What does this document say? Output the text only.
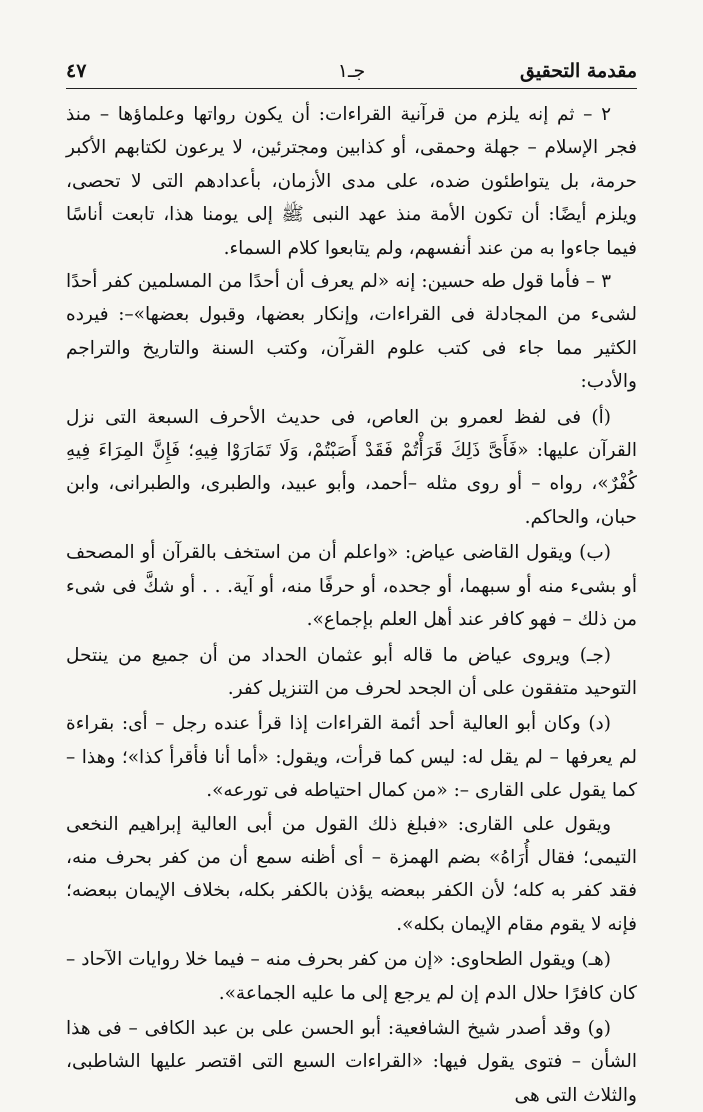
مقدمة التحقيق
جـ١
٤٧

٢ – ثم إنه يلزم من قرآنية القراءات: أن يكون رواتها وعلماؤها – منذ فجر الإسلام – جهلة وحمقى، أو كذابين ومجترئين، لا يرعون لكتابهم الأكبر حرمة، بل يتواطئون ضده، على مدى الأزمان، بأعدادهم التى لا تحصى، ويلزم أيضًا: أن تكون الأمة منذ عهد النبى ﷺ إلى يومنا هذا، تابعت أناسًا فيما جاءوا به من عند أنفسهم، ولم يتابعوا كلام السماء.

٣ – فأما قول طه حسين: إنه «لم يعرف أن أحدًا من المسلمين كفر أحدًا لشىء من المجادلة فى القراءات، وإنكار بعضها، وقبول بعضها»–: فيرده الكثير مما جاء فى كتب علوم القرآن، وكتب السنة والتاريخ والتراجم والأدب:

(أ) فى لفظ لعمرو بن العاص، فى حديث الأحرف السبعة التى نزل القرآن عليها: «فَأَىَّ ذَلِكَ قَرَأْتُمْ فَقَدْ أَصَبْتُمْ، وَلَا تَمَارَوْا فِيهِ؛ فَإِنَّ المِرَاءَ فِيهِ كُفْرٌ»، رواه – أو روى مثله –أحمد، وأبو عبيد، والطبرى، والطبرانى، وابن حبان، والحاكم.

(ب) ويقول القاضى عياض: «واعلم أن من استخف بالقرآن أو المصحف أو بشىء منه أو سبهما، أو جحده، أو حرفًا منه، أو آية. . . أو شكَّ فى شىء من ذلك – فهو كافر عند أهل العلم بإجماع».

(جـ) ويروى عياض ما قاله أبو عثمان الحداد من أن جميع من ينتحل التوحيد متفقون على أن الجحد لحرف من التنزيل كفر.

(د) وكان أبو العالية أحد أئمة القراءات إذا قرأ عنده رجل – أى: بقراءة لم يعرفها – لم يقل له: ليس كما قرأت، ويقول: «أما أنا فأقرأ كذا»؛ وهذا – كما يقول على القارى –: «من كمال احتياطه فى تورعه».

ويقول على القارى: «فبلغ ذلك القول من أبى العالية إبراهيم النخعى التيمى؛ فقال أُرَاهُ» بضم الهمزة – أى أظنه سمع أن من كفر بحرف منه، فقد كفر به كله؛ لأن الكفر ببعضه يؤذن بالكفر بكله، بخلاف الإيمان ببعضه؛ فإنه لا يقوم مقام الإيمان بكله».

(هـ) ويقول الطحاوى: «إن من كفر بحرف منه – فيما خلا روايات الآحاد – كان كافرًا حلال الدم إن لم يرجع إلى ما عليه الجماعة».

(و) وقد أصدر شيخ الشافعية: أبو الحسن على بن عبد الكافى – فى هذا الشأن – فتوى يقول فيها: «القراءات السبع التى اقتصر عليها الشاطبى، والثلاث التى هى
